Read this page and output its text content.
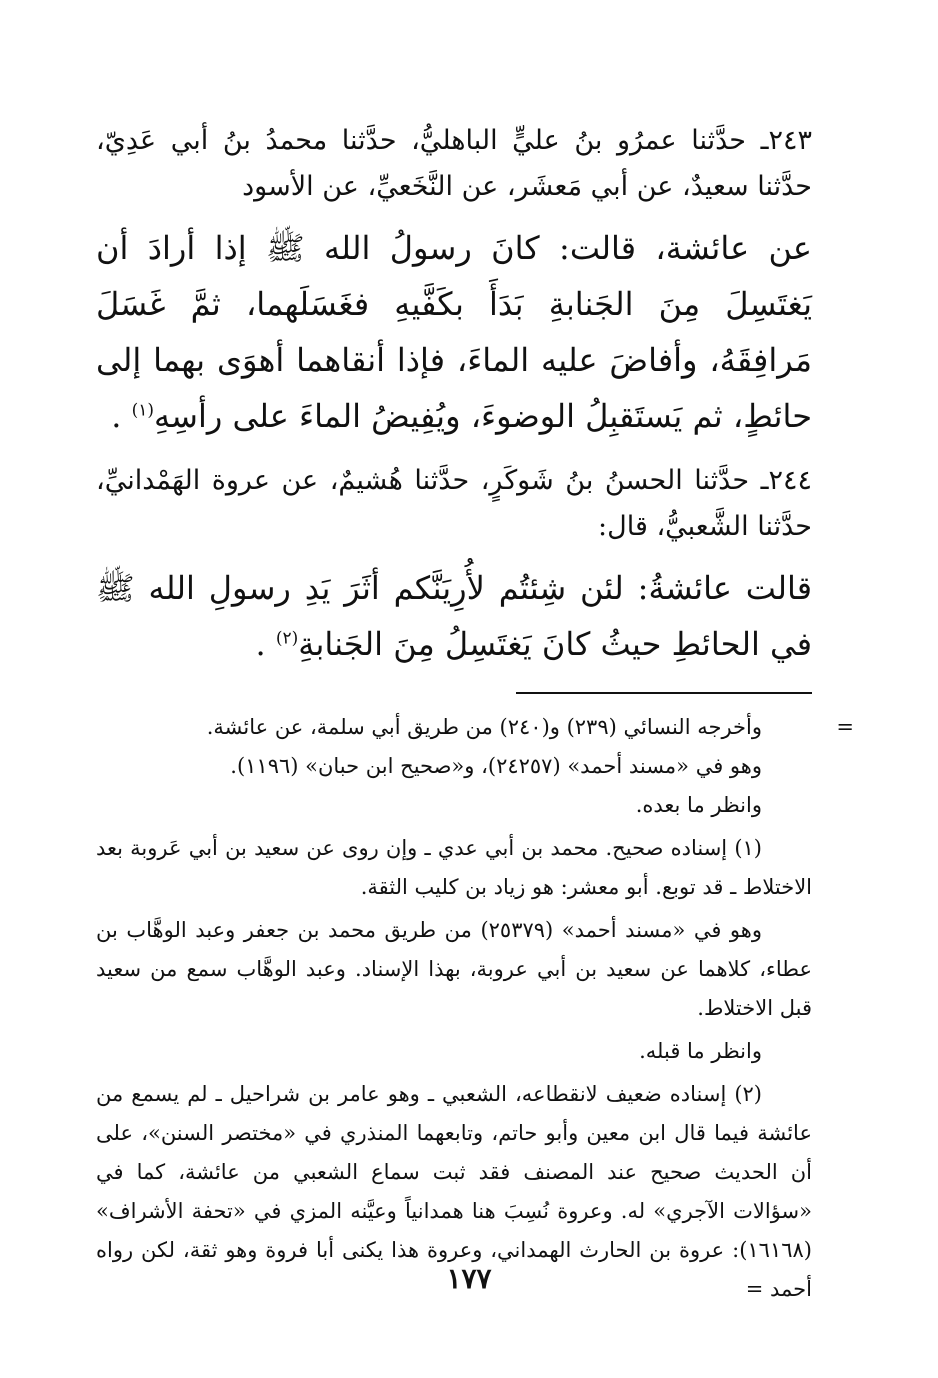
٢٤٣ـ حدَّثنا عمرُو بنُ عليٍّ الباهليُّ، حدَّثنا محمدُ بنُ أبي عَدِيّ، حدَّثنا سعيدٌ، عن أبي مَعشَر، عن النَّخَعيِّ، عن الأسود

عن عائشة، قالت: كانَ رسولُ الله ﷺ إذا أرادَ أن يَغتَسِلَ مِنَ الجَنابةِ بَدَأَ بكَفَّيهِ فغَسَلَهما، ثمَّ غَسَلَ مَرافِقَهُ، وأفاضَ عليه الماءَ، فإذا أنقاهما أهوَى بهما إلى حائطٍ، ثم يَستَقبِلُ الوضوءَ، ويُفِيضُ الماءَ على رأسِهِ$^{(١)}$ .

٢٤٤ـ حدَّثنا الحسنُ بنُ شَوكَرٍ، حدَّثنا هُشيمٌ، عن عروة الهَمْدانيِّ، حدَّثنا الشَّعبيُّ، قال:

قالت عائشةُ: لئن شِئتُم لأُرِيَنَّكم أثَرَ يَدِ رسولِ الله ﷺ في الحائطِ حيثُ كانَ يَغتَسِلُ مِنَ الجَنابةِ$^{(٢)}$ .

=
وأخرجه النسائي (٢٣٩) و(٢٤٠) من طريق أبي سلمة، عن عائشة.
وهو في «مسند أحمد» (٢٤٢٥٧)، و«صحيح ابن حبان» (١١٩٦).
وانظر ما بعده.

(١) إسناده صحيح. محمد بن أبي عدي ـ وإن روى عن سعيد بن أبي عَروبة بعد الاختلاط ـ قد توبع. أبو معشر: هو زياد بن كليب الثقة.

وهو في «مسند أحمد» (٢٥٣٧٩) من طريق محمد بن جعفر وعبد الوهَّاب بن عطاء، كلاهما عن سعيد بن أبي عروبة، بهذا الإسناد. وعبد الوهَّاب سمع من سعيد قبل الاختلاط.

وانظر ما قبله.

(٢) إسناده ضعيف لانقطاعه، الشعبي ـ وهو عامر بن شراحيل ـ لم يسمع من عائشة فيما قال ابن معين وأبو حاتم، وتابعهما المنذري في «مختصر السنن»، على أن الحديث صحيح عند المصنف فقد ثبت سماع الشعبي من عائشة، كما في «سؤالات الآجري» له. وعروة نُسِبَ هنا همدانياً وعيَّنه المزي في «تحفة الأشراف» (١٦١٦٨): عروة بن الحارث الهمداني، وعروة هذا يكنى أبا فروة وهو ثقة، لكن رواه أحمد =

١٧٧
